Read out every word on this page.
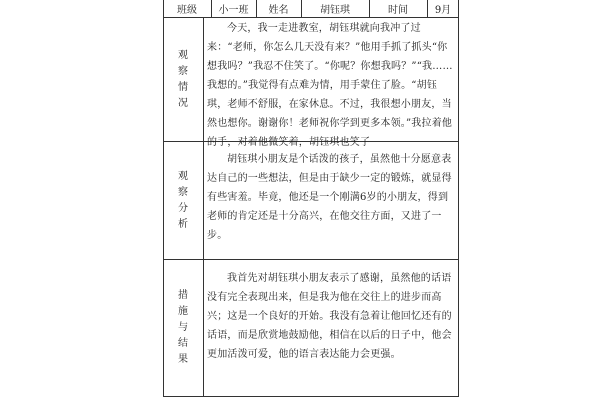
班级	小一班	姓名	胡钰琪	时间	9月
观
察
情
况

今天，我一走进教室，胡钰琪就向我冲了过来：“老师，你怎么几天没有来？”他用手抓了抓头“你想我吗？”我忍不住笑了。“你呢？你想我吗？”“我……我想的。”我觉得有点难为情，用手蒙住了脸。“胡钰琪，老师不舒服，在家休息。不过，我很想小朋友，当然也想你。谢谢你！老师祝你学到更多本领。”我拉着他的手，对着他微笑着，胡钰琪也笑了

观
察
分
析

胡钰琪小朋友是个话泼的孩子，虽然他十分愿意表达自己的一些想法，但是由于缺少一定的锻炼，就显得有些害羞。毕竟，他还是一个刚满6岁的小朋友，得到老师的肯定还是十分高兴，在他交往方面，又进了一步。

措
施
与
结
果

我首先对胡钰琪小朋友表示了感谢，虽然他的话语没有完全表现出来，但是我为他在交往上的进步而高兴；这是一个良好的开始。我没有急着让他回忆还有的话语，而是欣赏地鼓励他，相信在以后的日子中，他会更加活泼可爱，他的语言表达能力会更强。
